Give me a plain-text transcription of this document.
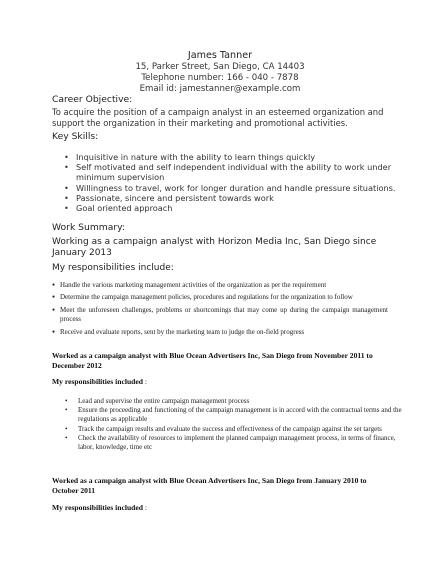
James Tanner
15, Parker Street, San Diego, CA 14403
Telephone number: 166 - 040 - 7878
Email id: jamestanner@example.com
Career Objective:
To acquire the position of a campaign analyst in an esteemed organization and support the organization in their marketing and promotional activities.
Key Skills:
• Inquisitive in nature with the ability to learn things quickly
• Self motivated and self independent individual with the ability to work under minimum supervision
• Willingness to travel, work for longer duration and handle pressure situations.
• Passionate, sincere and persistent towards work
• Goal oriented approach
Work Summary:
Working as a campaign analyst with Horizon Media Inc, San Diego since January 2013
My responsibilities include:
● Handle the various marketing management activities of the organization as per the requirement
● Determine the campaign management policies, procedures and regulations for the organization to follow
● Meet the unforeseen challenges, problems or shortcomings that may come up during the campaign management process
● Receive and evaluate reports, sent by the marketing team to judge the on-field progress
Worked as a campaign analyst with Blue Ocean Advertisers Inc, San Diego from November 2011 to December 2012
My responsibilities included :
• Lead and supervise the entire campaign management process
• Ensure the proceeding and functioning of the campaign management is in accord with the contractual terms and the regulations as applicable
• Track the campaign results and evaluate the success and effectiveness of the campaign against the set targets
• Check the availability of resources to implement the planned campaign management process, in terms of finance, labor, knowledge, time etc
Worked as a campaign analyst with Blue Ocean Advertisers Inc, San Diego from January 2010 to October 2011
My responsibilities included :
